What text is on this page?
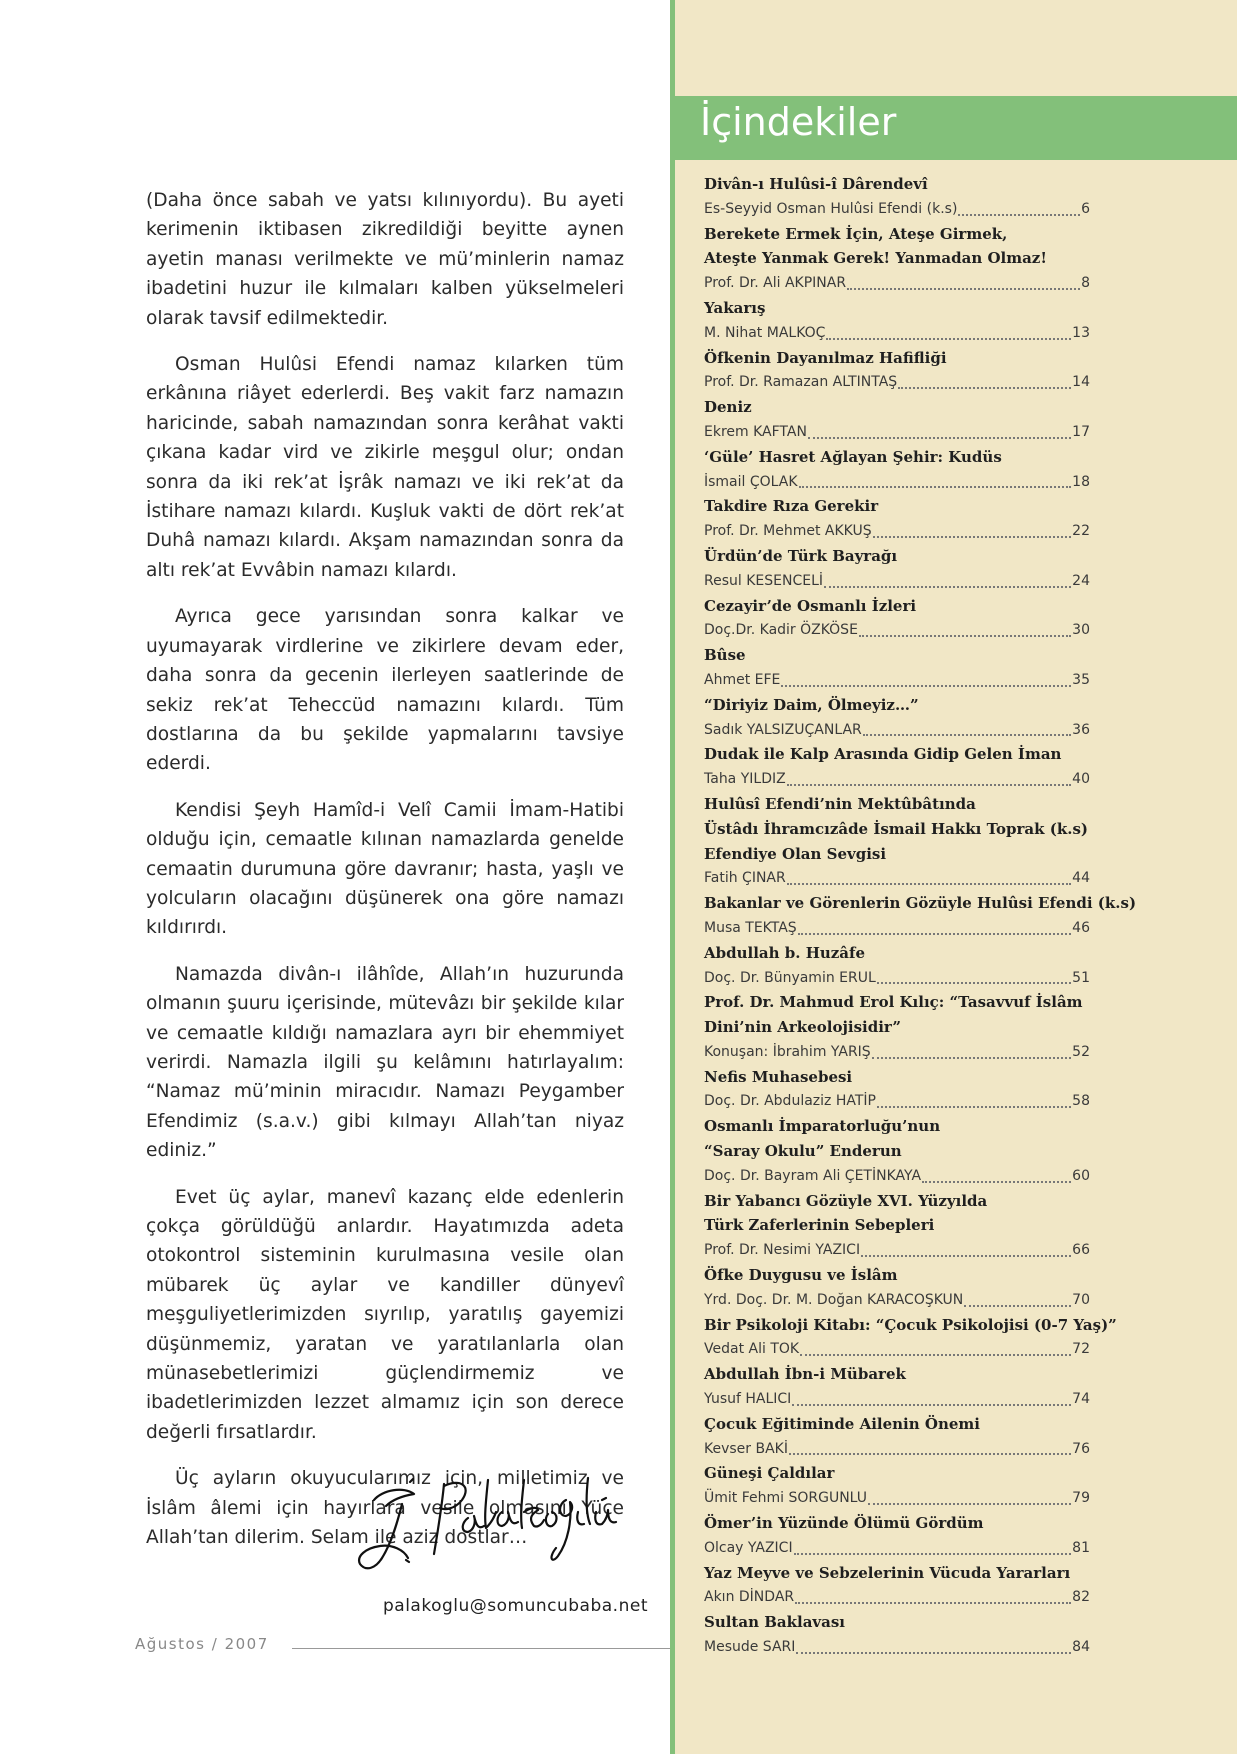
(Daha önce sabah ve yatsı kılınıyordu). Bu ayeti kerimenin iktibasen zikredildiği beyitte aynen ayetin manası verilmekte ve mü’minlerin namaz ibadetini huzur ile kılmaları kalben yükselmeleri olarak tavsif edilmektedir.

Osman Hulûsi Efendi namaz kılarken tüm erkânına riâyet ederlerdi. Beş vakit farz namazın haricinde, sabah namazından sonra kerâhat vakti çıkana kadar vird ve zikirle meşgul olur; ondan sonra da iki rek’at İşrâk namazı ve iki rek’at da İstihare namazı kılardı. Kuşluk vakti de dört rek’at Duhâ namazı kılardı. Akşam namazından sonra da altı rek’at Evvâbin namazı kılardı.

Ayrıca gece yarısından sonra kalkar ve uyumayarak virdlerine ve zikirlere devam eder, daha sonra da gecenin ilerleyen saatlerinde de sekiz rek’at Teheccüd namazını kılardı. Tüm dostlarına da bu şekilde yapmalarını tavsiye ederdi.

Kendisi Şeyh Hamîd-i Velî Camii İmam-Hatibi olduğu için, cemaatle kılınan namazlarda genelde cemaatin durumuna göre davranır; hasta, yaşlı ve yolcuların olacağını düşünerek ona göre namazı kıldırırdı.

Namazda divân-ı ilâhîde, Allah’ın huzurunda olmanın şuuru içerisinde, mütevâzı bir şekilde kılar ve cemaatle kıldığı namazlara ayrı bir ehemmiyet verirdi. Namazla ilgili şu kelâmını hatırlayalım: “Namaz mü’minin miracıdır. Namazı Peygamber Efendimiz (s.a.v.) gibi kılmayı Allah’tan niyaz ediniz.”

Evet üç aylar, manevî kazanç elde edenlerin çokça görüldüğü anlardır. Hayatımızda adeta otokontrol sisteminin kurulmasına vesile olan mübarek üç aylar ve kandiller dünyevî meşguliyetlerimizden sıyrılıp, yaratılış gayemizi düşünmemiz, yaratan ve yaratılanlarla olan münasebetlerimizi güçlendirmemiz ve ibadetlerimizden lezzet almamız için son derece değerli fırsatlardır.

Üç ayların okuyucularımız için, milletimiz ve İslâm âlemi için hayırlara vesile olmasını Yüce Allah’tan dilerim. Selam ile aziz dostlar…

palakoglu@somuncubaba.net
Ağustos / 2007
İçindekiler
Divân-ı Hulûsi-î Dârendevî
Es-Seyyid Osman Hulûsi Efendi (k.s)	6
Berekete Ermek İçin, Ateşe Girmek,
Ateşte Yanmak Gerek! Yanmadan Olmaz!
Prof. Dr. Ali AKPINAR	8
Yakarış
M. Nihat MALKOÇ	13
Öfkenin Dayanılmaz Hafifliği
Prof. Dr. Ramazan ALTINTAŞ	14
Deniz
Ekrem KAFTAN	17
‘Güle’ Hasret Ağlayan Şehir: Kudüs
İsmail ÇOLAK	18
Takdire Rıza Gerekir
Prof. Dr. Mehmet AKKUŞ	22
Ürdün’de Türk Bayrağı
Resul KESENCELİ	24
Cezayir’de Osmanlı İzleri
Doç.Dr. Kadir ÖZKÖSE	30
Bûse
Ahmet EFE	35
“Diriyiz Daim, Ölmeyiz…”
Sadık YALSIZUÇANLAR	36
Dudak ile Kalp Arasında Gidip Gelen İman
Taha YILDIZ	40
Hulûsî Efendi’nin Mektûbâtında
Üstâdı İhramcızâde İsmail Hakkı Toprak (k.s)
Efendiye Olan Sevgisi
Fatih ÇINAR	44
Bakanlar ve Görenlerin Gözüyle Hulûsi Efendi (k.s)
Musa TEKTAŞ	46
Abdullah b. Huzâfe
Doç. Dr. Bünyamin ERUL	51
Prof. Dr. Mahmud Erol Kılıç: “Tasavvuf İslâm
Dini’nin Arkeolojisidir”
Konuşan: İbrahim YARIŞ	52
Nefis Muhasebesi
Doç. Dr. Abdulaziz HATİP	58
Osmanlı İmparatorluğu’nun
“Saray Okulu” Enderun
Doç. Dr. Bayram Ali ÇETİNKAYA	60
Bir Yabancı Gözüyle XVI. Yüzyılda
Türk Zaferlerinin Sebepleri
Prof. Dr. Nesimi YAZICI	66
Öfke Duygusu ve İslâm
Yrd. Doç. Dr. M. Doğan KARACOŞKUN	70
Bir Psikoloji Kitabı: “Çocuk Psikolojisi (0-7 Yaş)”
Vedat Ali TOK	72
Abdullah İbn-i Mübarek
Yusuf HALICI	74
Çocuk Eğitiminde Ailenin Önemi
Kevser BAKİ	76
Güneşi Çaldılar
Ümit Fehmi SORGUNLU	79
Ömer’in Yüzünde Ölümü Gördüm
Olcay YAZICI	81
Yaz Meyve ve Sebzelerinin Vücuda Yararları
Akın DİNDAR	82
Sultan Baklavası
Mesude SARI	84
